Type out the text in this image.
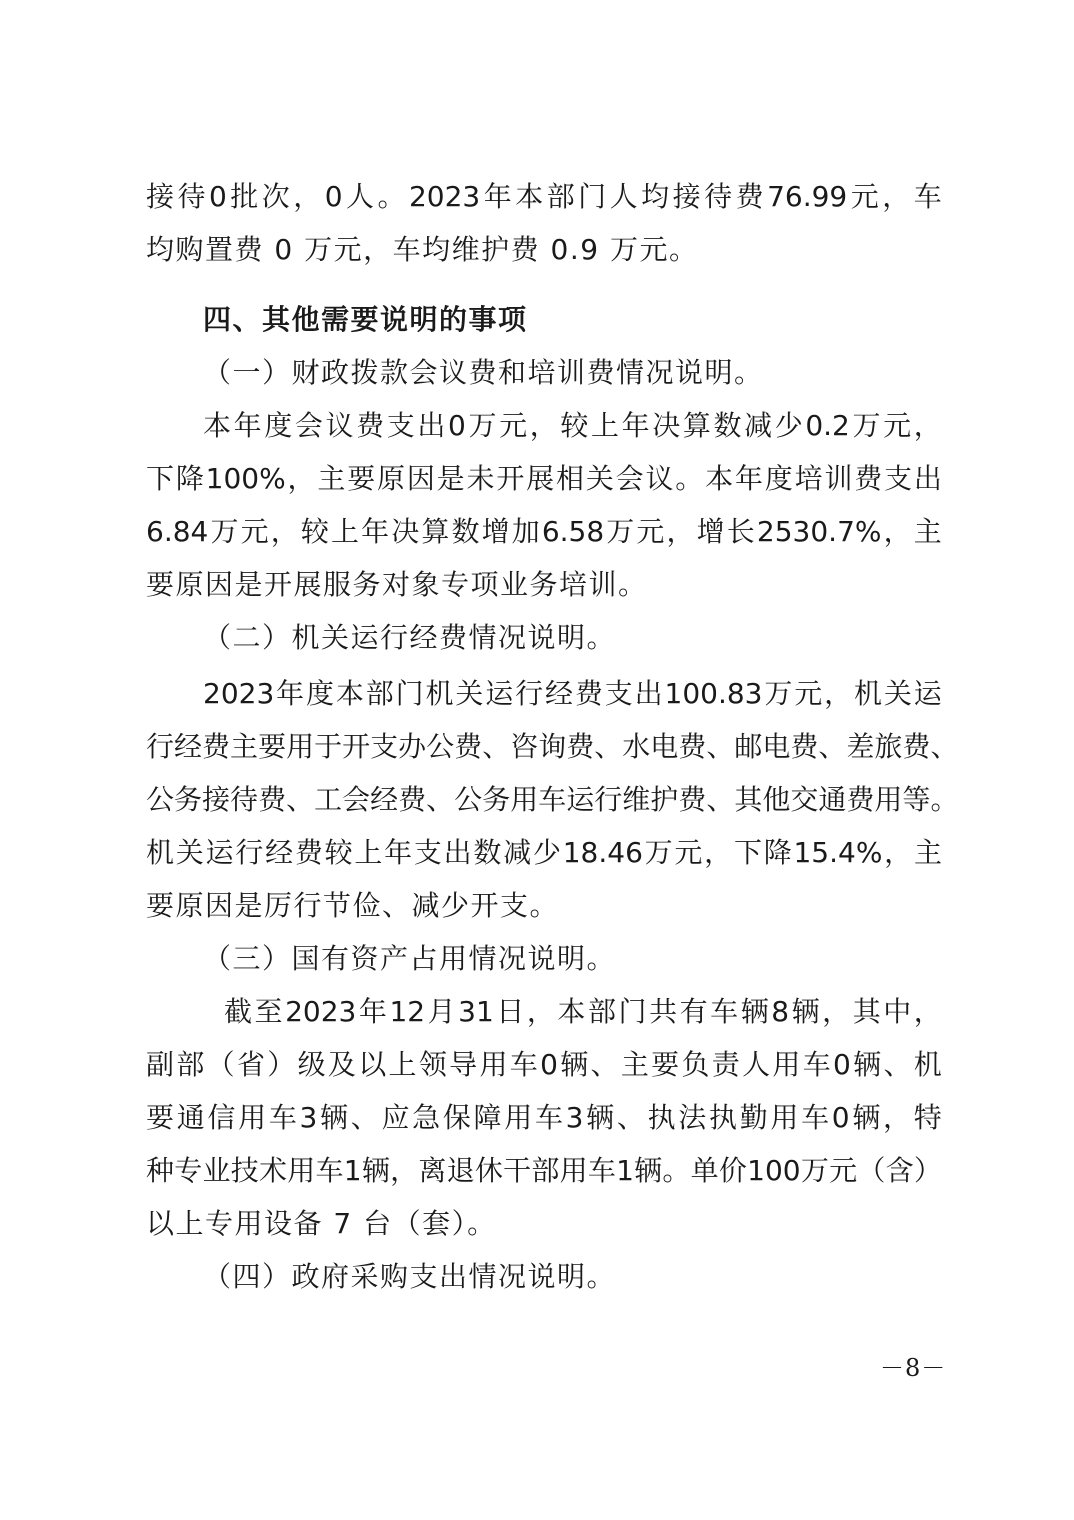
接 待 0 批 次 ， 0 人 。 2023 年 本 部 门 人 均 接 待 费 76.99 元 ， 车
均购置费 0 万元，车均维护费 0.9 万元。
四、其他需要说明的事项
（一）财政拨款会议费和培训费情况说明。
本 年 度 会 议 费 支 出 0 万 元 ， 较 上 年 决 算 数 减 少 0.2 万 元 ，
下 降 100% ， 主 要 原 因 是 未 开 展 相 关 会 议 。 本 年 度 培 训 费 支 出
6.84 万 元 ， 较 上 年 决 算 数 增 加 6.58 万 元 ， 增 长 2530.7% ， 主
要原因是开展服务对象专项业务培训。
（二）机关运行经费情况说明。
2023 年 度 本 部 门 机 关 运 行 经 费 支 出 100.83 万 元 ， 机 关 运
行 经 费 主 要 用 于 开 支 办 公 费 、 咨 询 费 、 水 电 费 、 邮 电 费 、 差 旅 费 、
公 务 接 待 费 、 工 会 经 费 、 公 务 用 车 运 行 维 护 费 、 其 他 交 通 费 用 等 。
机 关 运 行 经 费 较 上 年 支 出 数 减 少 18.46 万 元 ， 下 降 15.4% ， 主
要原因是厉行节俭、减少开支。
（三）国有资产占用情况说明。
截 至 2023 年 12 月 31 日 ， 本 部 门 共 有 车 辆 8 辆 ， 其 中 ，
副 部 （ 省 ） 级 及 以 上 领 导 用 车 0 辆 、 主 要 负 责 人 用 车 0 辆 、 机
要 通 信 用 车 3 辆 、 应 急 保 障 用 车 3 辆 、 执 法 执 勤 用 车 0 辆 ， 特
种 专 业 技 术 用 车 1 辆 ， 离 退 休 干 部 用 车 1 辆 。 单 价 100 万 元 （ 含 ）
以上专用设备 7 台（套）。
（四）政府采购支出情况说明。
－8－
